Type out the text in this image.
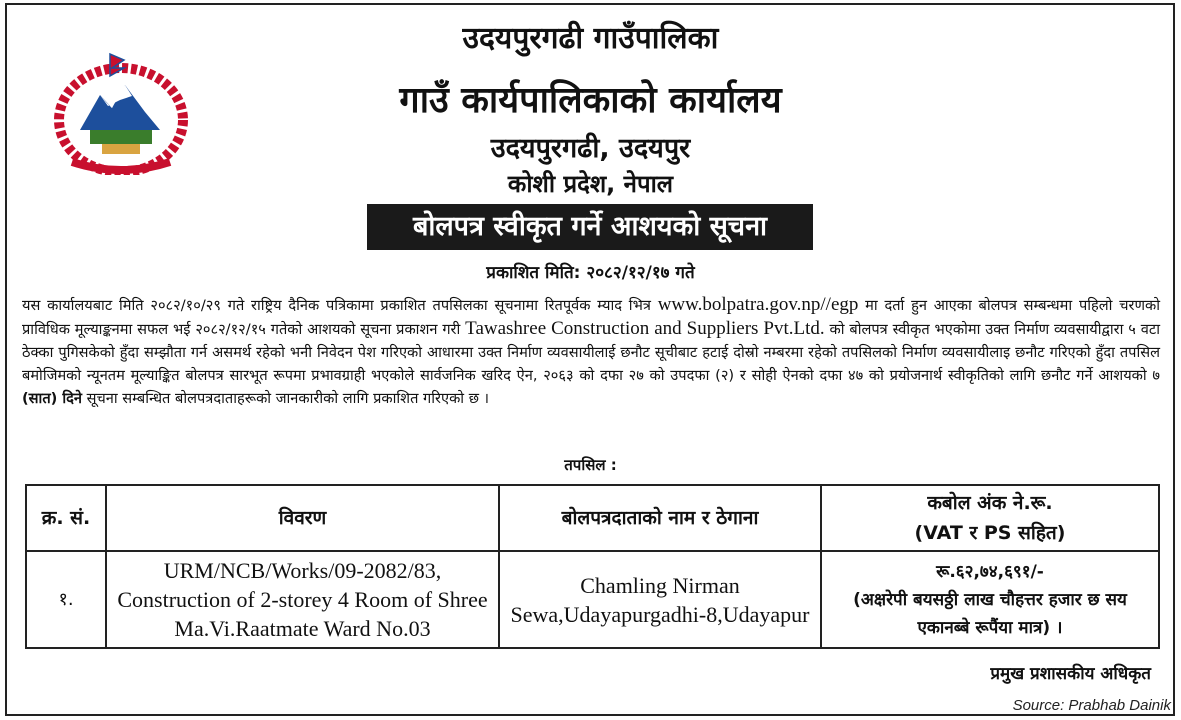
उदयपुरगढी गाउँपालिका
गाउँ कार्यपालिकाको कार्यालय
उदयपुरगढी, उदयपुर
कोशी प्रदेश, नेपाल
बोलपत्र स्वीकृत गर्ने आशयको सूचना
प्रकाशित मिति: २०८२/१२/१७ गते
यस कार्यालयबाट मिति २०८२/१०/२९ गते राष्ट्रिय दैनिक पत्रिकामा प्रकाशित तपसिलका सूचनामा रितपूर्वक म्याद भित्र www.bolpatra.gov.np//egp मा दर्ता हुन आएका बोलपत्र सम्बन्धमा पहिलो चरणको प्राविधिक मूल्याङ्कनमा सफल भई २०८२/१२/१५ गतेको आशयको सूचना प्रकाशन गरी Tawashree Construction and Suppliers Pvt.Ltd. को बोलपत्र स्वीकृत भएकोमा उक्त निर्माण व्यवसायीद्वारा ५ वटा ठेक्का पुगिसकेको हुँदा सम्झौता गर्न असमर्थ रहेको भनी निवेदन पेश गरिएको आधारमा उक्त निर्माण व्यवसायीलाई छनौट सूचीबाट हटाई दोस्रो नम्बरमा रहेको तपसिलको निर्माण व्यवसायीलाइ छनौट गरिएको हुँदा तपसिल बमोजिमको न्यूनतम मूल्याङ्कित बोलपत्र सारभूत रूपमा प्रभावग्राही भएकोले सार्वजनिक खरिद ऐन, २०६३ को दफा २७ को उपदफा (२) र सोही ऐनको दफा ४७ को प्रयोजनार्थ स्वीकृतिको लागि छनौट गर्ने आशयको ७ (सात) दिने सूचना सम्बन्धित बोलपत्रदाताहरूको जानकारीको लागि प्रकाशित गरिएको छ ।
तपसिल :
क्र. सं.	विवरण	बोलपत्रदाताको नाम र ठेगाना	कबोल अंक ने.रू.
(VAT र PS सहित)
१.	URM/NCB/Works/09-2082/83, Construction of 2-storey 4 Room of Shree Ma.Vi.Raatmate Ward No.03	Chamling Nirman Sewa,Udayapurgadhi-8,Udayapur	रू.६२,७४,६९१/-
(अक्षरेपी बयसठ्ठी लाख चौहत्तर हजार छ सय एकानब्बे रूपैंया मात्र) ।
प्रमुख प्रशासकीय अधिकृत
Source: Prabhab Dainik
